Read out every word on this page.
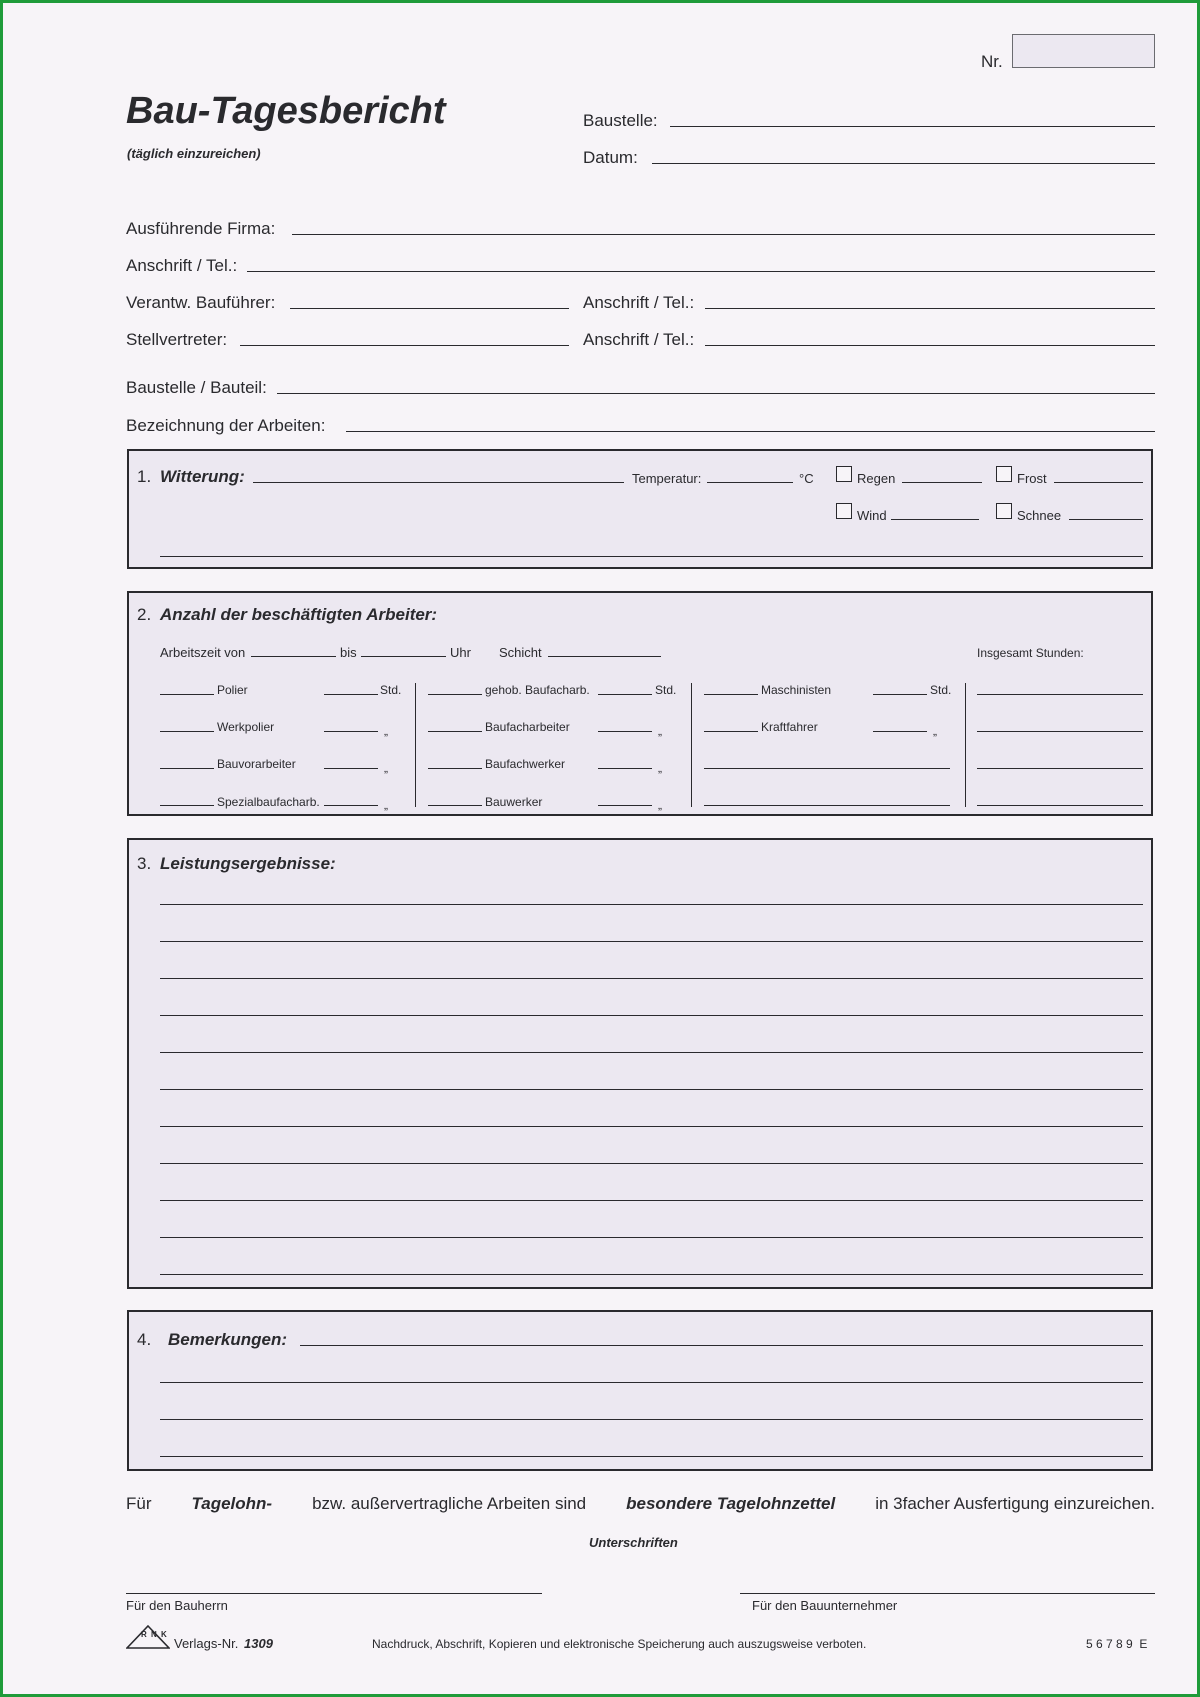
Nr.
Bau-Tagesbericht
(täglich einzureichen)
Baustelle:
Datum:
Ausführende Firma:
Anschrift / Tel.:
Verantw. Bauführer:	Anschrift / Tel.:
Stellvertreter:	Anschrift / Tel.:
Baustelle / Bauteil:
Bezeichnung der Arbeiten:
1. Witterung:	Temperatur:	°C	Regen	Frost
Wind	Schnee
2. Anzahl der beschäftigten Arbeiter:
Arbeitszeit von	bis	Uhr Schicht	Insgesamt Stunden:
Polier	Std.
Werkpolier	„
Bauvorarbeiter	„
Spezialbaufacharb.	„
gehob. Baufacharb.	Std.
Baufacharbeiter	„
Baufachwerker	„
Bauwerker	„
Maschinisten	Std.
Kraftfahrer	„
3. Leistungsergebnisse:
4. Bemerkungen:
Für Tagelohn- bzw. außervertragliche Arbeiten sind besondere Tagelohnzettel in 3facher Ausfertigung einzureichen.
Unterschriften
Für den Bauherrn	Für den Bauunternehmer
R N K
Verlags-Nr. 1309	Nachdruck, Abschrift, Kopieren und elektronische Speicherung auch auszugsweise verboten.	5 6 7 8 9  E
